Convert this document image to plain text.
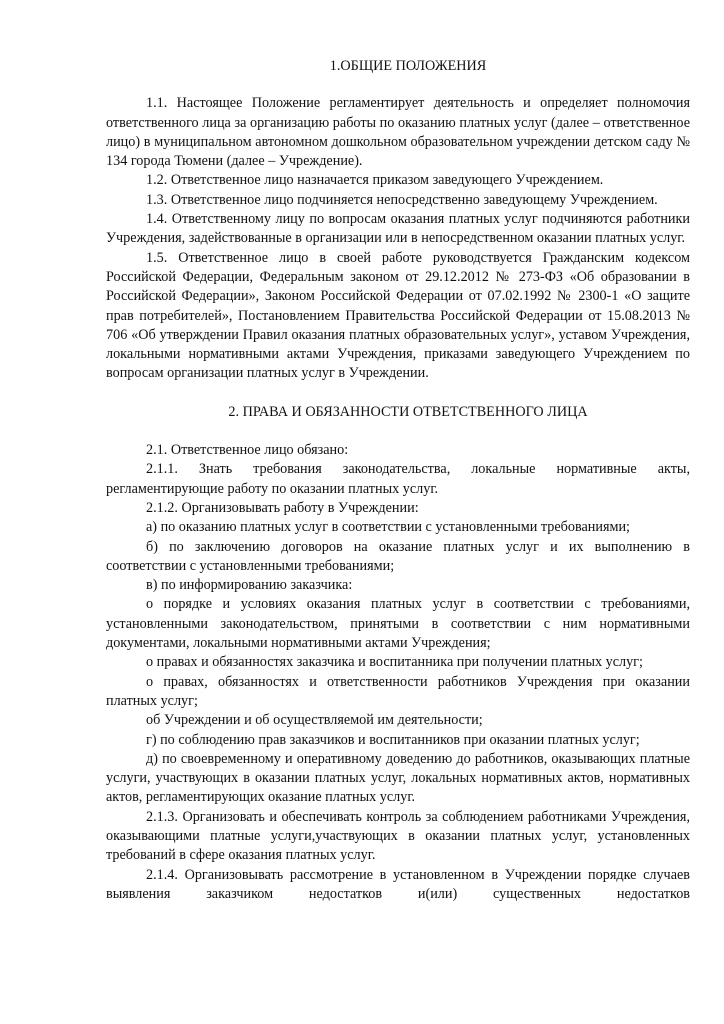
1.ОБЩИЕ ПОЛОЖЕНИЯ

1.1. Настоящее Положение регламентирует деятельность и определяет полномочия ответственного лица за организацию работы по оказанию платных услуг (далее – ответственное лицо) в муниципальном автономном дошкольном образовательном учреждении детском саду № 134 города Тюмени (далее – Учреждение).

1.2. Ответственное лицо назначается приказом заведующего Учреждением.

1.3. Ответственное лицо подчиняется непосредственно заведующему Учреждением.

1.4. Ответственному лицу по вопросам оказания платных услуг подчиняются работники Учреждения, задействованные в организации или в непосредственном оказании платных услуг.

1.5. Ответственное лицо в своей работе руководствуется Гражданским кодексом Российской Федерации, Федеральным законом от 29.12.2012 № 273-ФЗ «Об образовании в Российской Федерации», Законом Российской Федерации от 07.02.1992 № 2300-1 «О защите прав потребителей», Постановлением Правительства Российской Федерации от 15.08.2013 № 706 «Об утверждении Правил оказания платных образовательных услуг», уставом Учреждения, локальными нормативными актами Учреждения, приказами заведующего Учреждением по вопросам организации платных услуг в Учреждении.

2. ПРАВА И ОБЯЗАННОСТИ ОТВЕТСТВЕННОГО ЛИЦА

2.1. Ответственное лицо обязано:

2.1.1. Знать требования законодательства, локальные нормативные акты, регламентирующие работу по оказании платных услуг.

2.1.2. Организовывать работу в Учреждении:

а) по оказанию платных услуг в соответствии с установленными требованиями;

б) по заключению договоров на оказание платных услуг и их выполнению в соответствии с установленными требованиями;

в) по информированию заказчика:

о порядке и условиях оказания платных услуг в соответствии с требованиями, установленными законодательством, принятыми в соответствии с ним нормативными документами, локальными нормативными актами Учреждения;

о правах и обязанностях заказчика и воспитанника при получении платных услуг;

о правах, обязанностях и ответственности работников Учреждения при оказании платных услуг;

об Учреждении и об осуществляемой им деятельности;

г) по соблюдению прав заказчиков и воспитанников при оказании платных услуг;

д) по своевременному и оперативному доведению до работников, оказывающих платные услуги, участвующих в оказании платных услуг, локальных нормативных актов, нормативных актов, регламентирующих оказание платных услуг.

2.1.3. Организовать и обеспечивать контроль за соблюдением работниками Учреждения, оказывающими платные услуги,участвующих в оказании платных услуг, установленных требований в сфере оказания платных услуг.

2.1.4. Организовывать рассмотрение в установленном в Учреждении порядке случаев выявления заказчиком недостатков и(или) существенных недостатков
